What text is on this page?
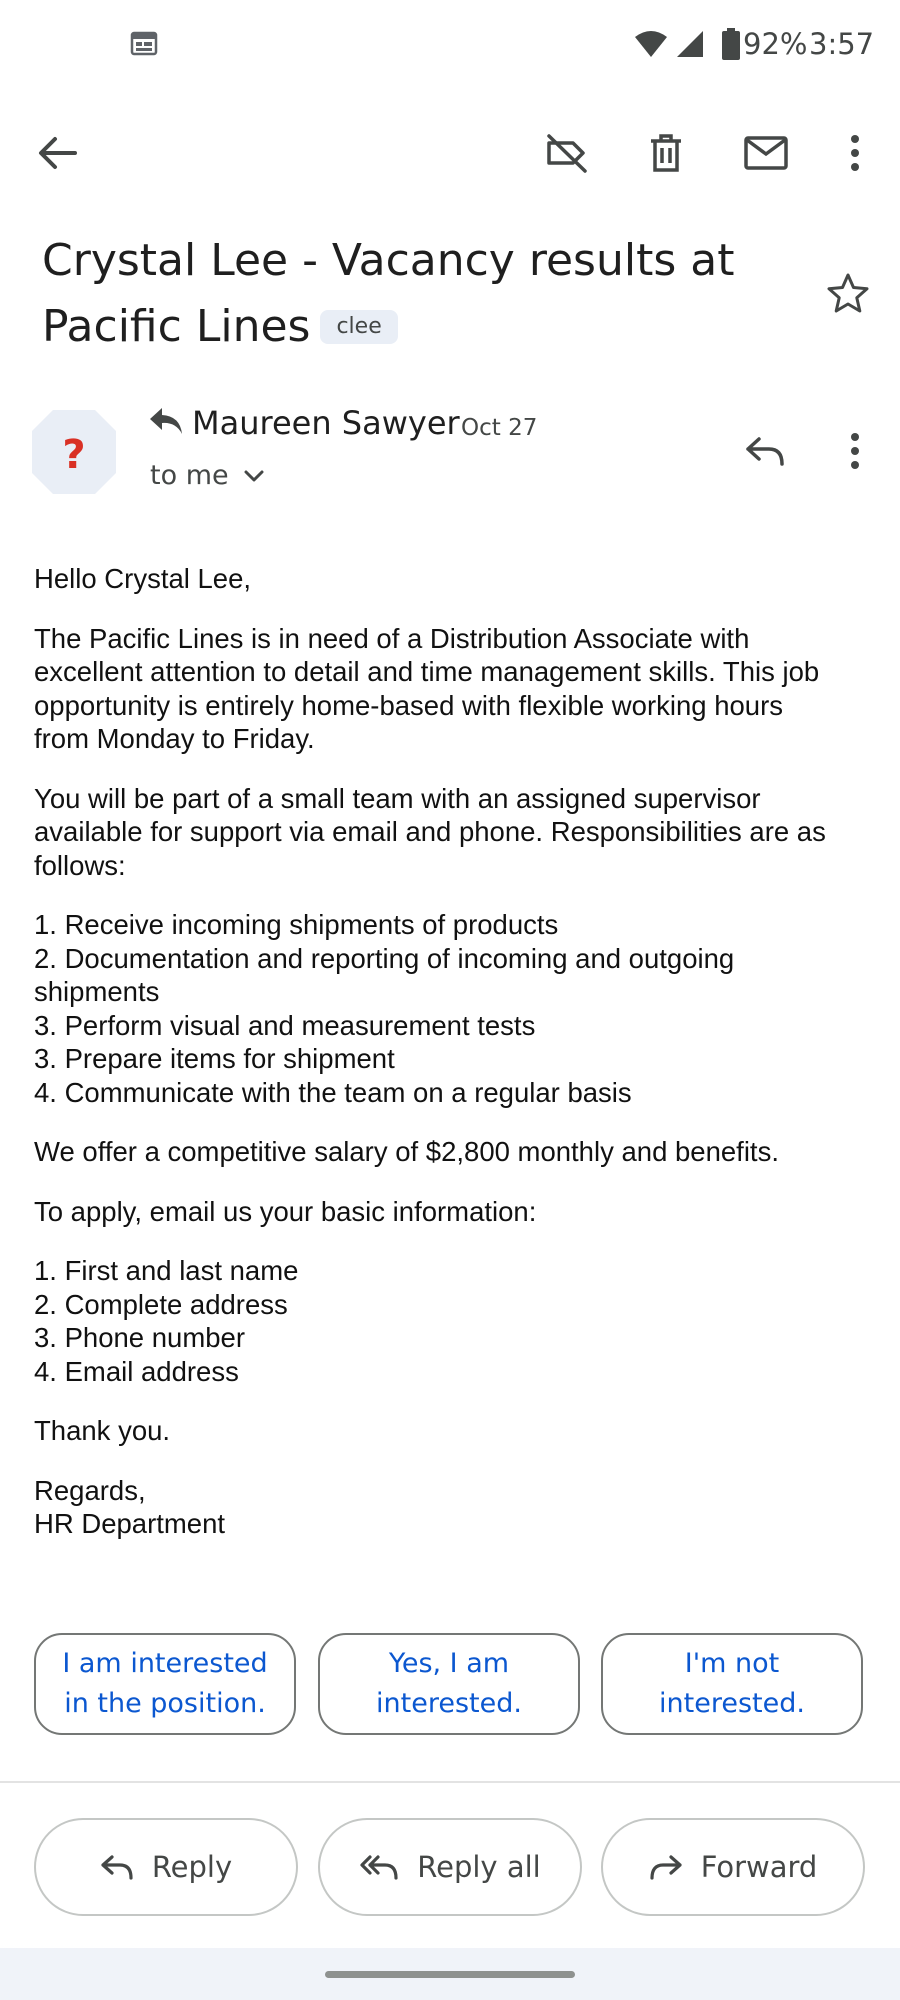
92% 3:57
Crystal Lee - Vacancy results at Pacific Lines clee
?
Maureen Sawyer Oct 27
to me

Hello Crystal Lee,

The Pacific Lines is in need of a Distribution Associate with
excellent attention to detail and time management skills. This job
opportunity is entirely home-based with flexible working hours
from Monday to Friday.

You will be part of a small team with an assigned supervisor
available for support via email and phone. Responsibilities are as
follows:

1. Receive incoming shipments of products
2. Documentation and reporting of incoming and outgoing
shipments
3. Perform visual and measurement tests
3. Prepare items for shipment
4. Communicate with the team on a regular basis

We offer a competitive salary of $2,800 monthly and benefits.

To apply, email us your basic information:

1. First and last name
2. Complete address
3. Phone number
4. Email address

Thank you.

Regards,
HR Department

I am interested in the position.
Yes, I am interested.
I'm not interested.
Reply	Reply all	Forward
